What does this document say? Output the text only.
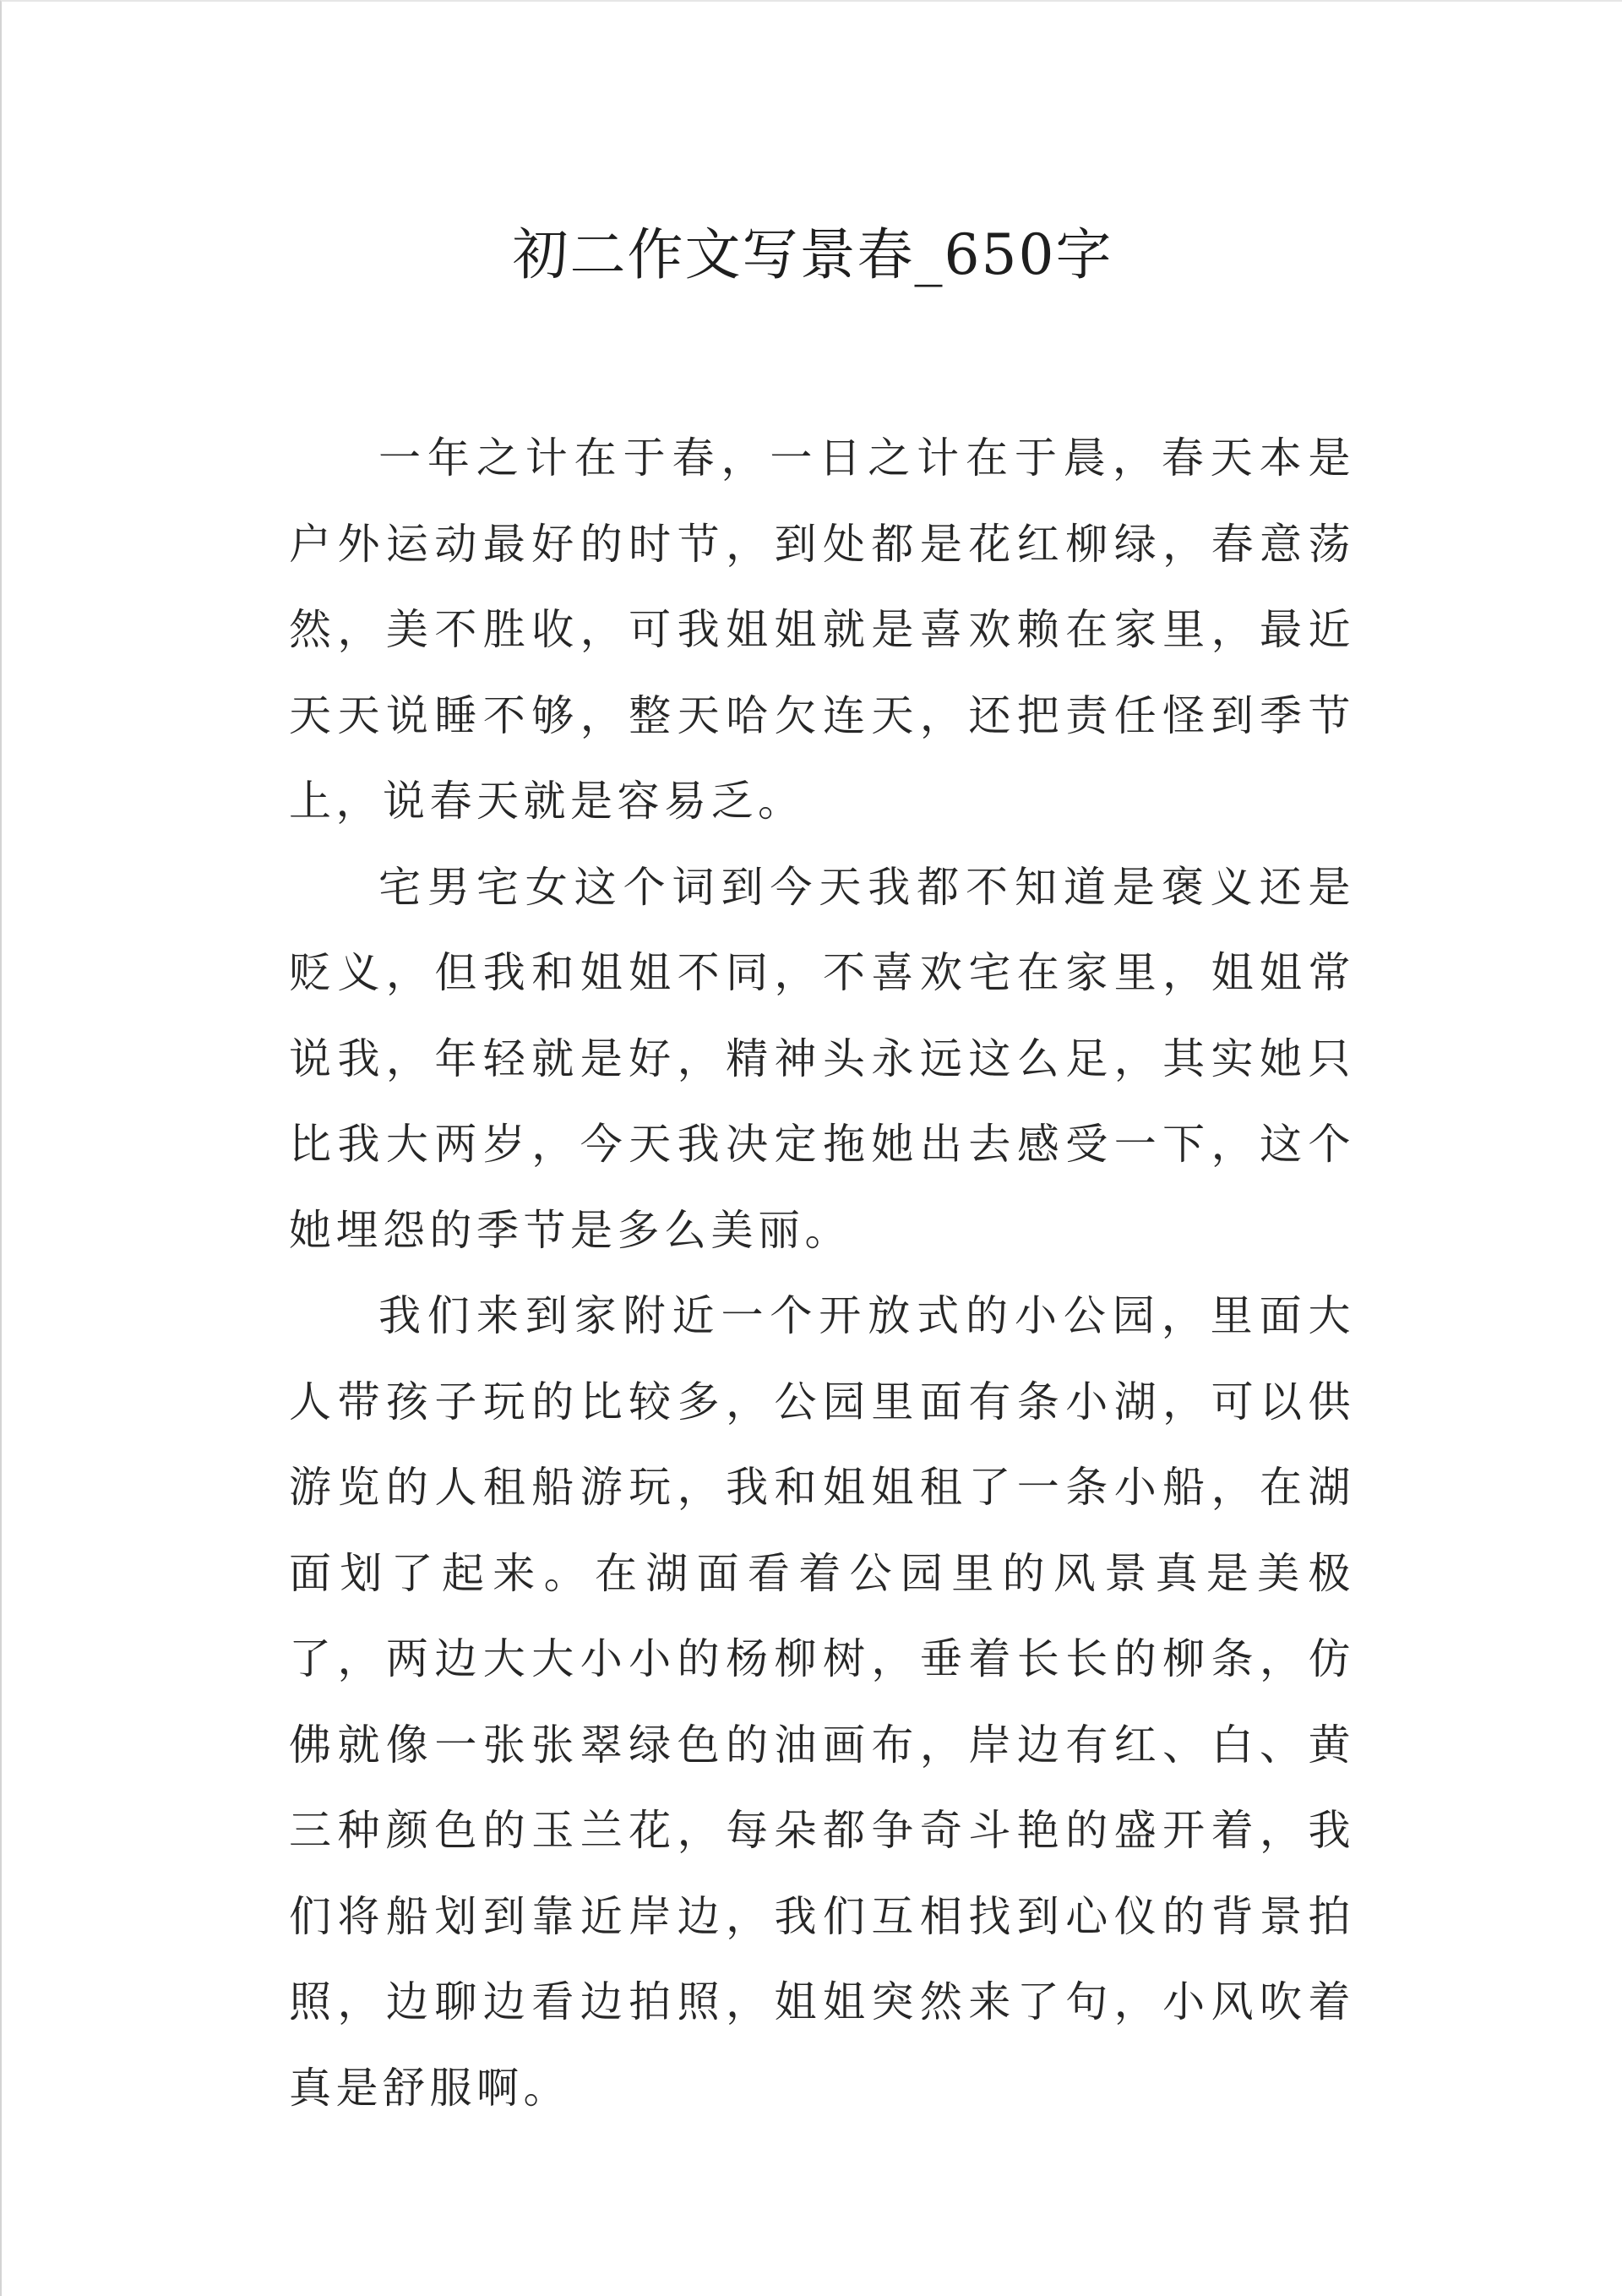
初二作文写景春_650字

一年之计在于春，一日之计在于晨，春天本是户外运动最好的时节，到处都是花红柳绿，春意荡然，美不胜收，可我姐姐就是喜欢赖在家里，最近天天说睡不够，整天哈欠连天，还把责任怪到季节上，说春天就是容易乏。

宅男宅女这个词到今天我都不知道是褒义还是贬义，但我和姐姐不同，不喜欢宅在家里，姐姐常说我，年轻就是好，精神头永远这么足，其实她只比我大两岁，今天我决定拖她出去感受一下，这个她埋怨的季节是多么美丽。

我们来到家附近一个开放式的小公园，里面大人带孩子玩的比较多，公园里面有条小湖，可以供游览的人租船游玩，我和姐姐租了一条小船，在湖面划了起来。在湖面看着公园里的风景真是美极了，两边大大小小的杨柳树，垂着长长的柳条，仿佛就像一张张翠绿色的油画布，岸边有红、白、黄三种颜色的玉兰花，每朵都争奇斗艳的盛开着，我们将船划到靠近岸边，我们互相找到心仪的背景拍照，边聊边看边拍照，姐姐突然来了句，小风吹着真是舒服啊。
